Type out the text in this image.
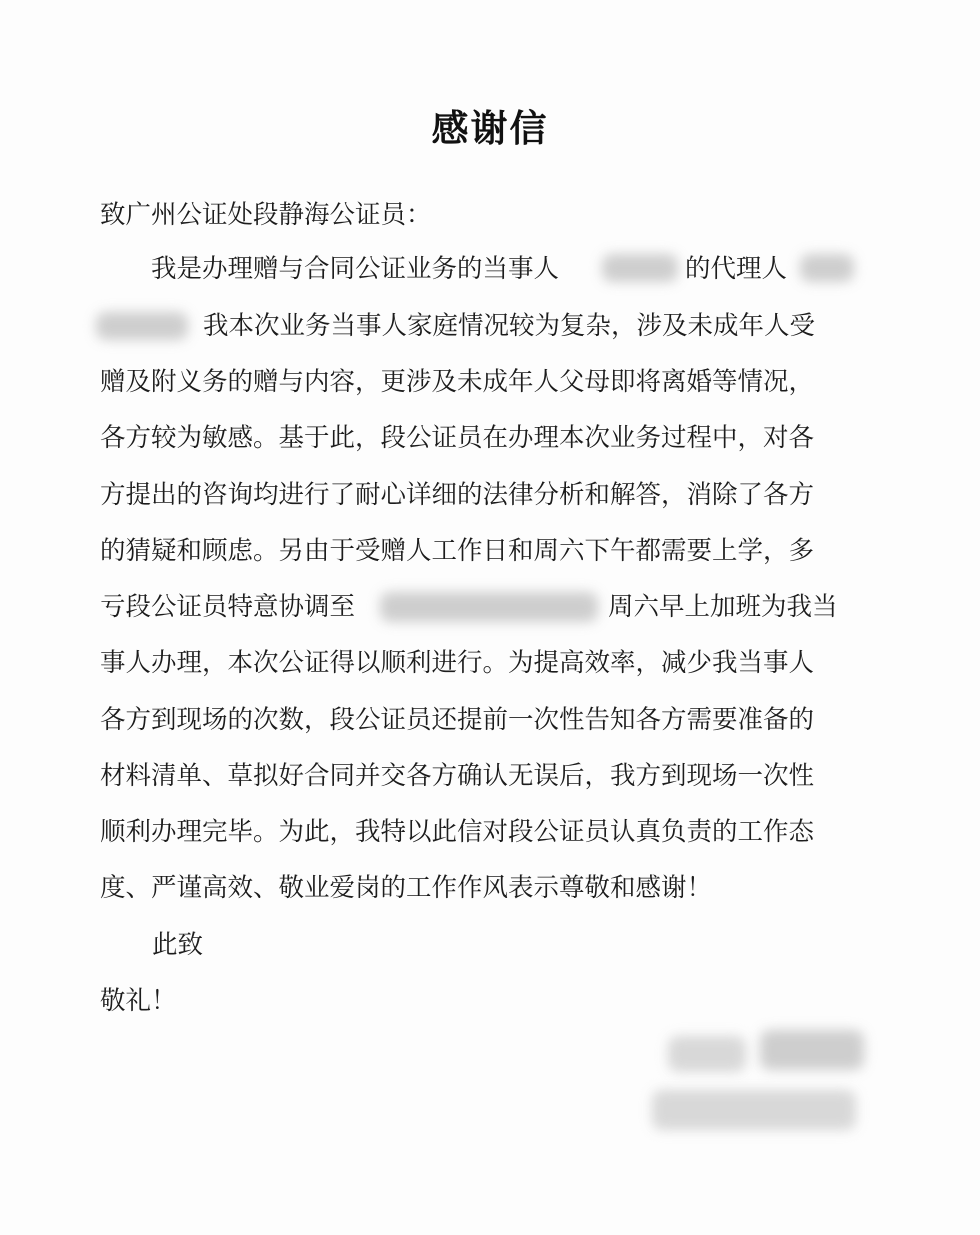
感谢信
致广州公证处段静海公证员：
我是办理赠与合同公证业务的当事人	的代理人
我本次业务当事人家庭情况较为复杂，涉及未成年人受
赠及附义务的赠与内容，更涉及未成年人父母即将离婚等情况，
各方较为敏感。基于此，段公证员在办理本次业务过程中，对各
方提出的咨询均进行了耐心详细的法律分析和解答，消除了各方
的猜疑和顾虑。另由于受赠人工作日和周六下午都需要上学，多
亏段公证员特意协调至	周六早上加班为我当
事人办理，本次公证得以顺利进行。为提高效率，减少我当事人
各方到现场的次数，段公证员还提前一次性告知各方需要准备的
材料清单、草拟好合同并交各方确认无误后，我方到现场一次性
顺利办理完毕。为此，我特以此信对段公证员认真负责的工作态
度、严谨高效、敬业爱岗的工作作风表示尊敬和感谢！
此致
敬礼！
